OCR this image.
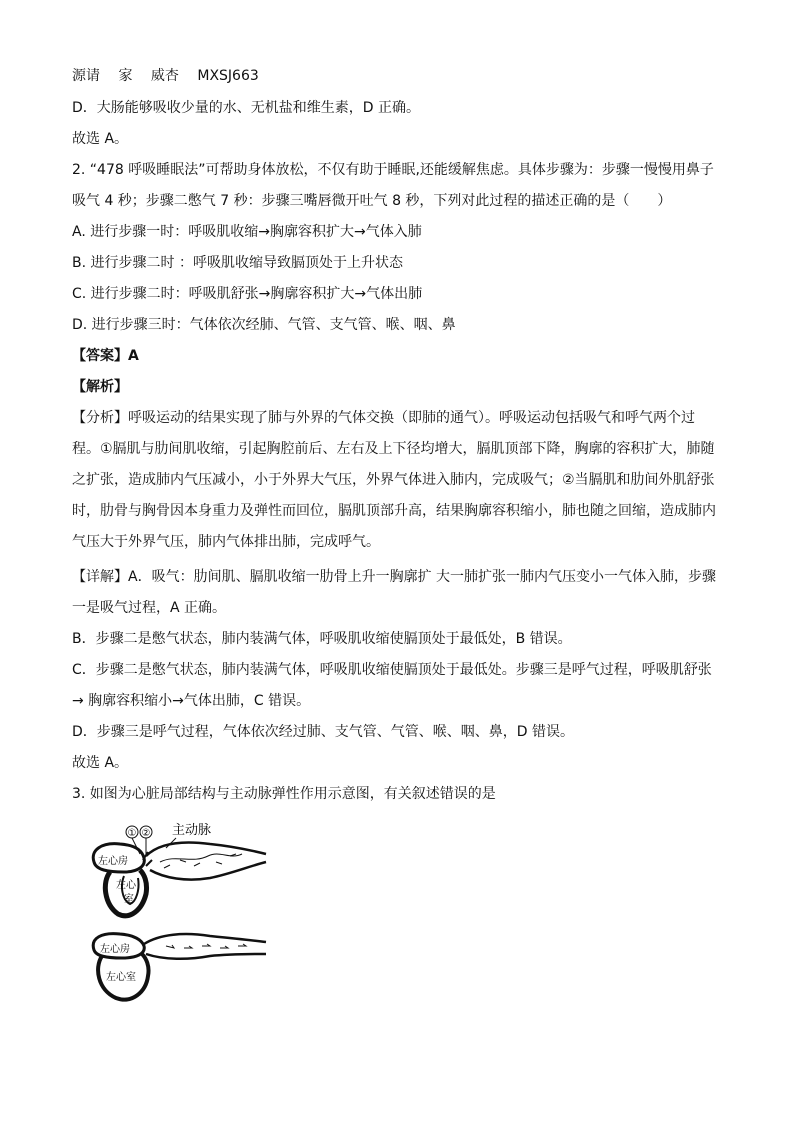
源请 家 威杏 MXSJ663
D．大肠能够吸收少量的水、无机盐和维生素，D 正确。
故选 A。
2. “478 呼吸睡眠法”可帮助身体放松，不仅有助于睡眠,还能缓解焦虑。具体步骤为：步骤一慢慢用鼻子
吸气 4 秒；步骤二憋气 7 秒：步骤三嘴唇微开吐气 8 秒，下列对此过程的描述正确的是（　　）
A. 进行步骤一时：呼吸肌收缩→胸廓容积扩大→气体入肺
B. 进行步骤二时 ：呼吸肌收缩导致膈顶处于上升状态
C. 进行步骤二时：呼吸肌舒张→胸廓容积扩大→气体出肺
D. 进行步骤三时：气体依次经肺、气管、支气管、喉、咽、鼻
【答案】A
【解析】
【分析】呼吸运动的结果实现了肺与外界的气体交换（即肺的通气）。呼吸运动包括吸气和呼气两个过
程。①膈肌与肋间肌收缩，引起胸腔前后、左右及上下径均增大，膈肌顶部下降，胸廓的容积扩大，肺随
之扩张，造成肺内气压减小，小于外界大气压，外界气体进入肺内，完成吸气；②当膈肌和肋间外肌舒张
时，肋骨与胸骨因本身重力及弹性而回位，膈肌顶部升高，结果胸廓容积缩小，肺也随之回缩，造成肺内
气压大于外界气压，肺内气体排出肺，完成呼气。
【详解】A．吸气：肋间肌、膈肌收缩一肋骨上升一胸廓扩 大一肺扩张一肺内气压变小一气体入肺，步骤
一是吸气过程，A 正确。
B．步骤二是憋气状态，肺内装满气体，呼吸肌收缩使膈顶处于最低处，B 错误。
C．步骤二是憋气状态，肺内装满气体，呼吸肌收缩使膈顶处于最低处。步骤三是呼气过程，呼吸肌舒张
→ 胸廓容积缩小→气体出肺，C 错误。
D．步骤三是呼气过程，气体依次经过肺、支气管、气管、喉、咽、鼻，D 错误。
故选 A。
3. 如图为心脏局部结构与主动脉弹性作用示意图，有关叙述错误的是
① ② 主动脉
左心房
左心
室
左心房
左心室
